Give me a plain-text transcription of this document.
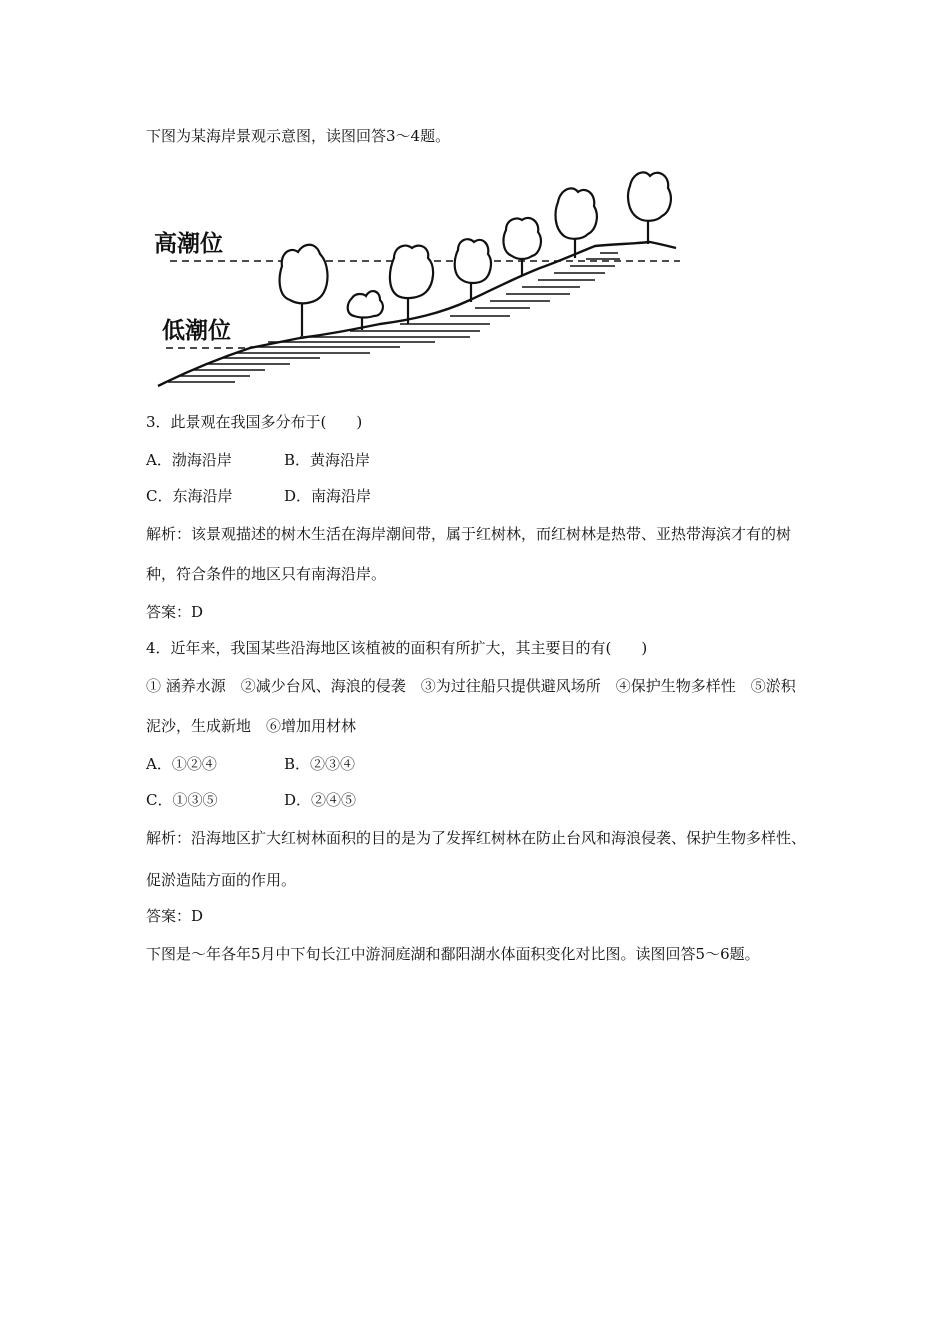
下图为某海岸景观示意图，读图回答3～4题。
高潮位
低潮位
3．此景观在我国多分布于(　　)
A．渤海沿岸	B．黄海沿岸
C．东海沿岸	D．南海沿岸
解析：该景观描述的树木生活在海岸潮间带，属于红树林，而红树林是热带、亚热带海滨才有的树
种，符合条件的地区只有南海沿岸。
答案：D
4．近年来，我国某些沿海地区该植被的面积有所扩大，其主要目的有(　　)
① 涵养水源　②减少台风、海浪的侵袭　③为过往船只提供避风场所　④保护生物多样性　⑤淤积
泥沙，生成新地　⑥增加用材林
A．①②④	B．②③④
C．①③⑤	D．②④⑤
解析：沿海地区扩大红树林面积的目的是为了发挥红树林在防止台风和海浪侵袭、保护生物多样性、
促淤造陆方面的作用。
答案：D
下图是～年各年5月中下旬长江中游洞庭湖和鄱阳湖水体面积变化对比图。读图回答5～6题。
